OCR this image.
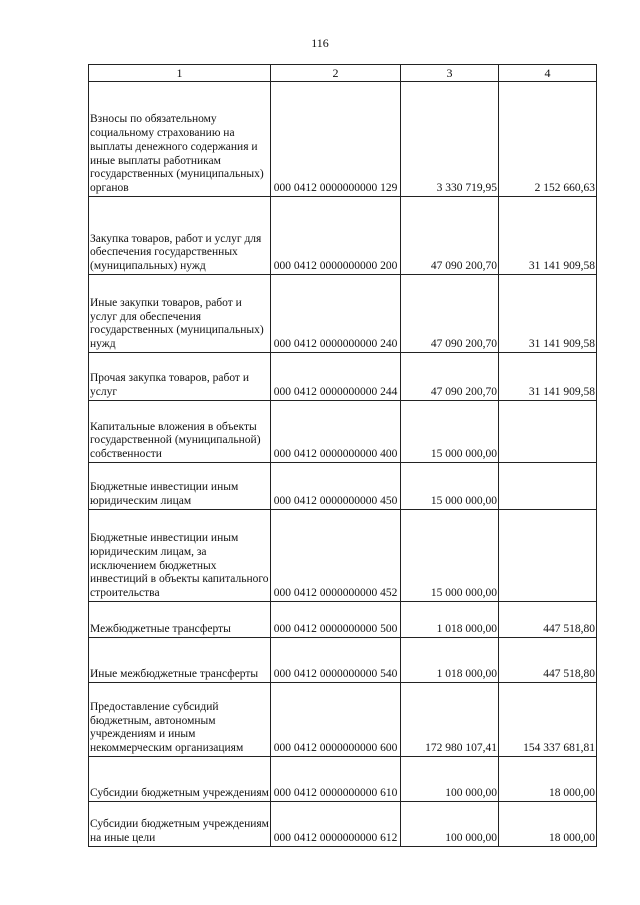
116
1	2	3	4
Взносы по обязательному социальному страхованию на выплаты денежного содержания и иные выплаты работникам государственных (муниципальных) органов	000 0412 0000000000 129	3 330 719,95	2 152 660,63
Закупка товаров, работ и услуг для обеспечения государственных (муниципальных) нужд	000 0412 0000000000 200	47 090 200,70	31 141 909,58
Иные закупки товаров, работ и услуг для обеспечения государственных (муниципальных) нужд	000 0412 0000000000 240	47 090 200,70	31 141 909,58
Прочая закупка товаров, работ и услуг	000 0412 0000000000 244	47 090 200,70	31 141 909,58
Капитальные вложения в объекты государственной (муниципальной) собственности	000 0412 0000000000 400	15 000 000,00	
Бюджетные инвестиции иным юридическим лицам	000 0412 0000000000 450	15 000 000,00	
Бюджетные инвестиции иным юридическим лицам, за исключением бюджетных инвестиций в объекты капитального строительства	000 0412 0000000000 452	15 000 000,00	
Межбюджетные трансферты	000 0412 0000000000 500	1 018 000,00	447 518,80
Иные межбюджетные трансферты	000 0412 0000000000 540	1 018 000,00	447 518,80
Предоставление субсидий бюджетным, автономным учреждениям и иным некоммерческим организациям	000 0412 0000000000 600	172 980 107,41	154 337 681,81
Субсидии бюджетным учреждениям	000 0412 0000000000 610	100 000,00	18 000,00
Субсидии бюджетным учреждениям на иные цели	000 0412 0000000000 612	100 000,00	18 000,00
